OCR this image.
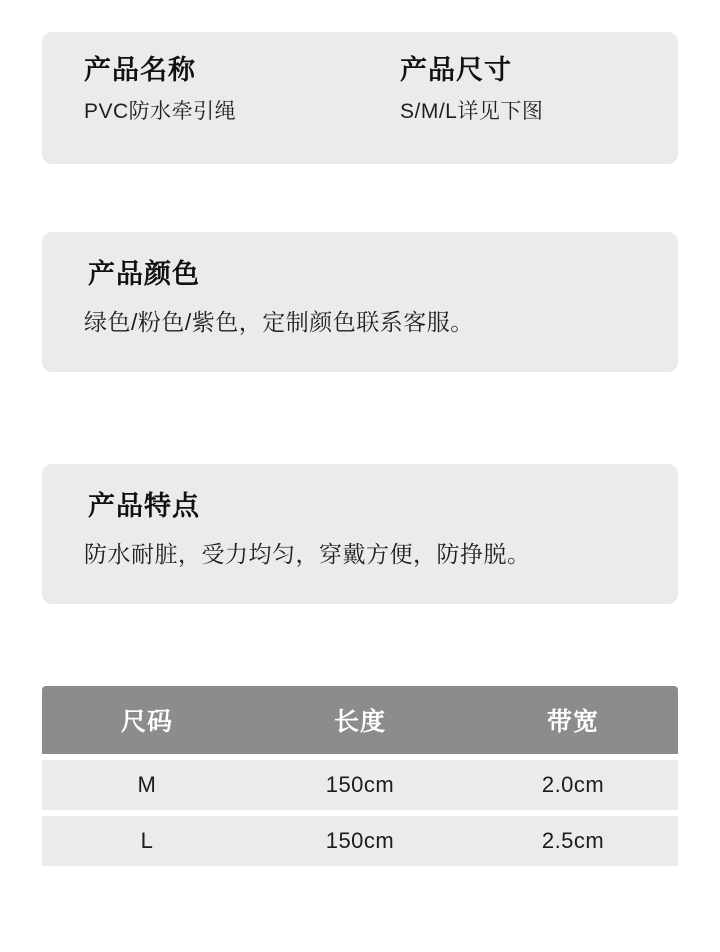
产品名称
PVC防水牵引绳
产品尺寸
S/M/L详见下图
产品颜色
绿色/粉色/紫色，定制颜色联系客服。
产品特点
防水耐脏，受力均匀，穿戴方便，防挣脱。
尺码	长度	带宽

M	150cm	2.0cm

L	150cm	2.5cm
